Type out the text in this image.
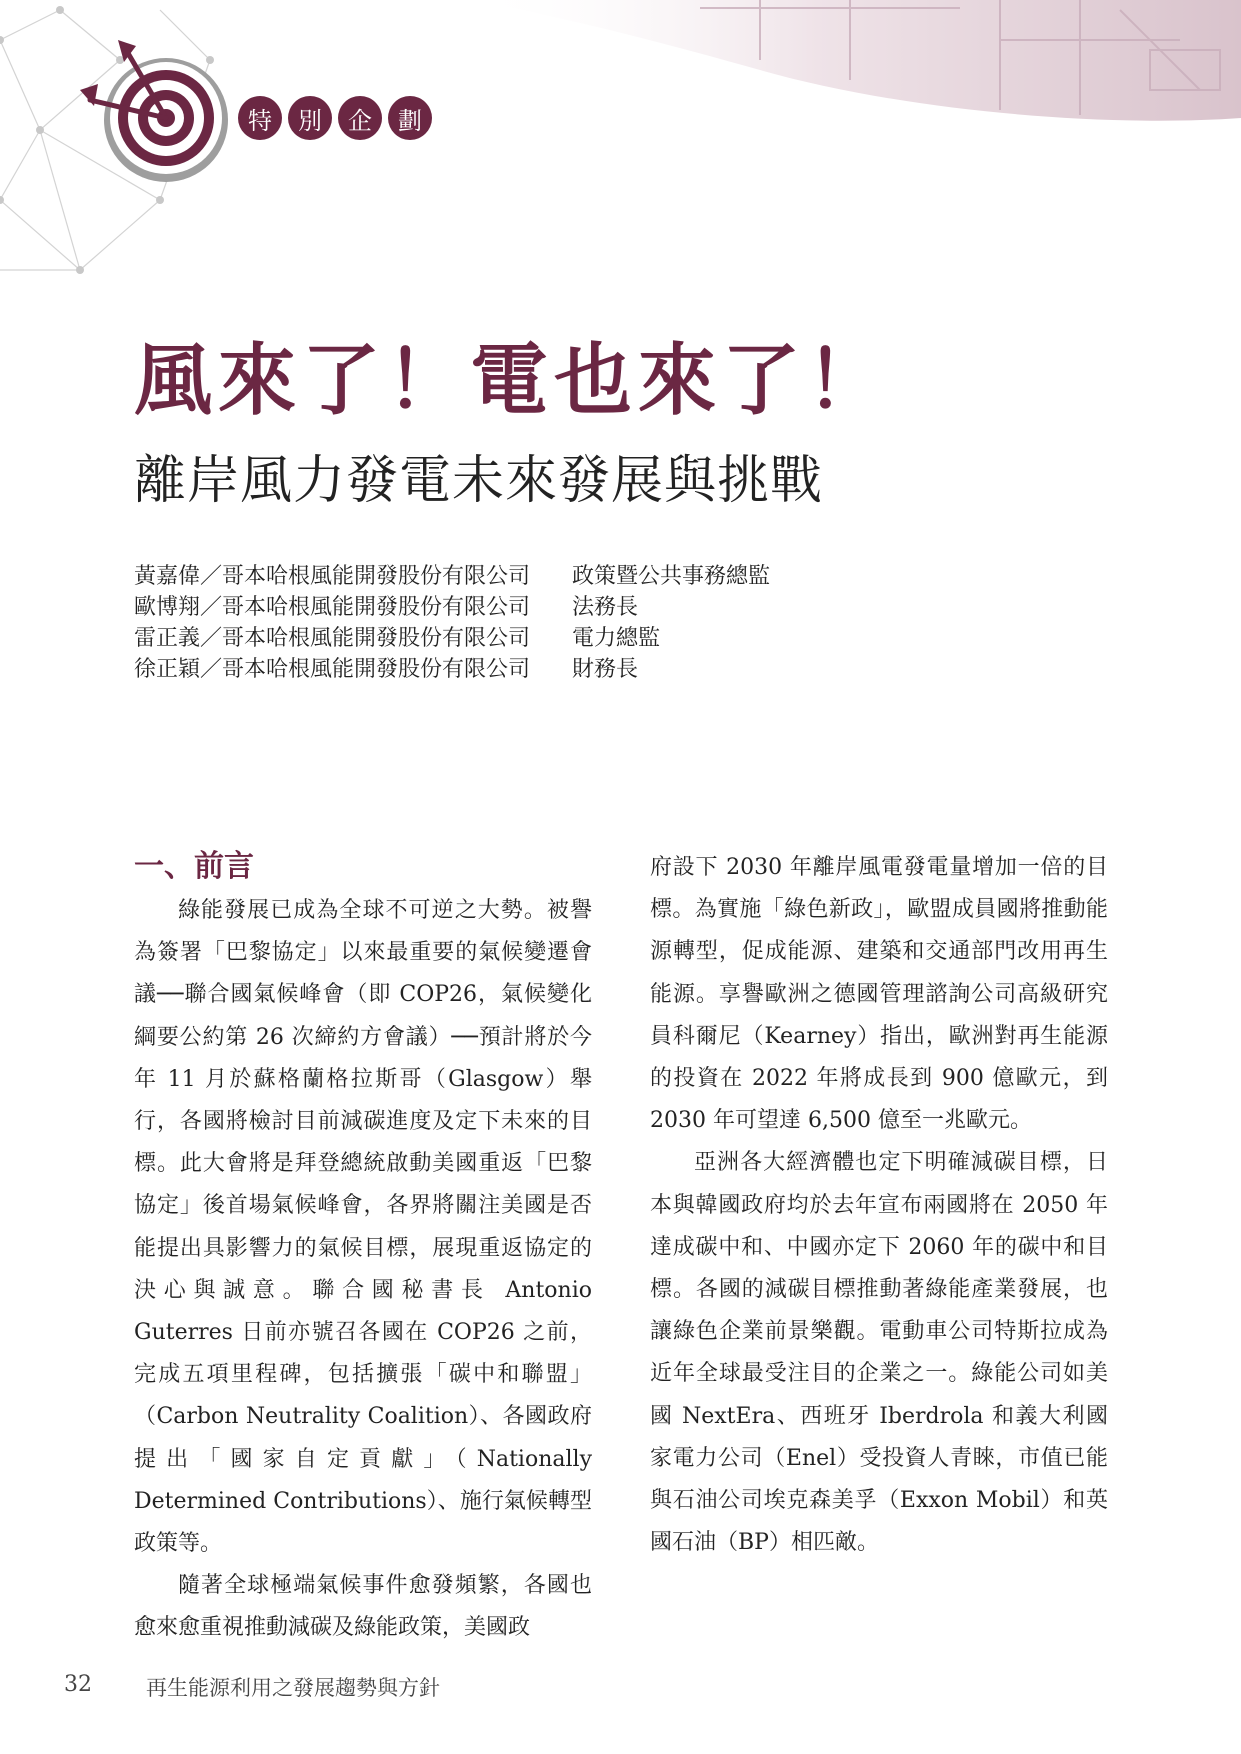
特	別	企	劃
風來了！電也來了！
離岸風力發電未來發展與挑戰
黃嘉偉／哥本哈根風能開發股份有限公司 政策暨公共事務總監
歐博翔／哥本哈根風能開發股份有限公司 法務長
雷正義／哥本哈根風能開發股份有限公司 電力總監
徐正穎／哥本哈根風能開發股份有限公司 財務長
一、前言

綠能發展已成為全球不可逆之大勢。被譽為簽署「巴黎協定」以來最重要的氣候變遷會議──聯合國氣候峰會（即 COP26，氣候變化綱要公約第 26 次締約方會議）──預計將於今年 11 月於蘇格蘭格拉斯哥（Glasgow）舉行，各國將檢討目前減碳進度及定下未來的目標。此大會將是拜登總統啟動美國重返「巴黎協定」後首場氣候峰會，各界將關注美國是否能提出具影響力的氣候目標，展現重返協定的決心與誠意。聯合國秘書長 Antonio Guterres 日前亦號召各國在 COP26 之前，完成五項里程碑，包括擴張「碳中和聯盟」（Carbon Neutrality Coalition）、各國政府提出「國家自定貢獻」（Nationally Determined Contributions）、施行氣候轉型政策等。

隨著全球極端氣候事件愈發頻繁，各國也愈來愈重視推動減碳及綠能政策，美國政

府設下 2030 年離岸風電發電量增加一倍的目標。為實施「綠色新政」，歐盟成員國將推動能源轉型，促成能源、建築和交通部門改用再生能源。享譽歐洲之德國管理諮詢公司高級研究員科爾尼（Kearney）指出，歐洲對再生能源的投資在 2022 年將成長到 900 億歐元，到 2030 年可望達 6,500 億至一兆歐元。

亞洲各大經濟體也定下明確減碳目標，日本與韓國政府均於去年宣布兩國將在 2050 年達成碳中和、中國亦定下 2060 年的碳中和目標。各國的減碳目標推動著綠能產業發展，也讓綠色企業前景樂觀。電動車公司特斯拉成為近年全球最受注目的企業之一。綠能公司如美國 NextEra、西班牙 Iberdrola 和義大利國家電力公司（Enel）受投資人青睞，市值已能與石油公司埃克森美孚（Exxon Mobil）和英國石油（BP）相匹敵。

32	再生能源利用之發展趨勢與方針
